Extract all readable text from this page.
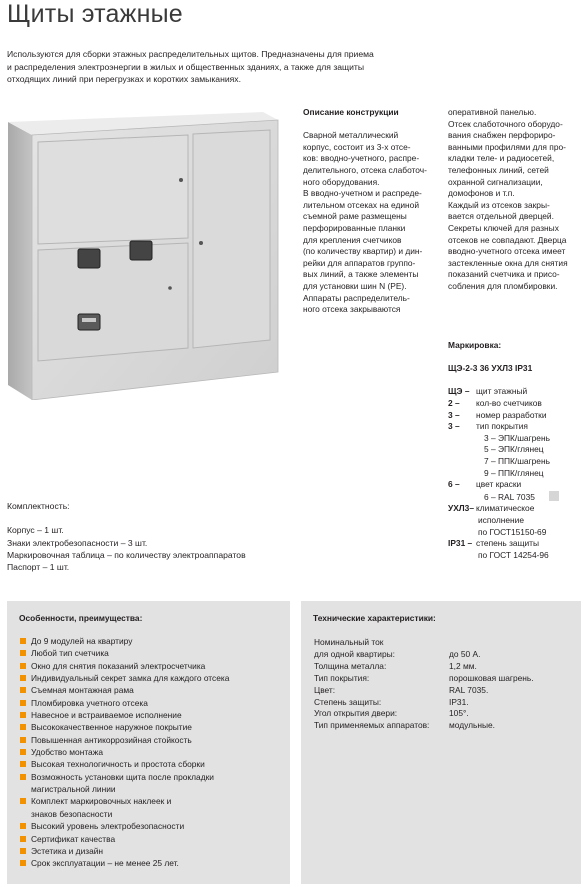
Щиты этажные
Используются для сборки этажных распределительных щитов. Предназначены для приема
и распределения электроэнергии в жилых и общественных зданиях, а также для защиты
отходящих линий при перегрузках и коротких замыканиях.
Описание конструкции
Сварной металлический
корпус, состоит из 3-х отсе-
ков: вводно-учетного, распре-
делительного, отсека слаботоч-
ного оборудования.
В вводно-учетном и распреде-
лительном отсеках на единой
съемной раме размещены
перфорированные планки
для крепления счетчиков
(по количеству квартир) и дин-
рейки для аппаратов группо-
вых линий, а также элементы
для установки шин N (PE).
Аппараты распределитель-
ного отсека закрываются
оперативной панелью.
Отсек слаботочного оборудо-
вания снабжен перфориро-
ванными профилями для про-
кладки теле- и радиосетей,
телефонных линий, сетей
охранной сигнализации,
домофонов и т.п.
Каждый из отсеков закры-
вается отдельной дверцей.
Секреты ключей для разных
отсеков не совпадают. Дверца
вводно-учетного отсека имеет
застекленные окна для снятия
показаний счетчика и присо-
собления для пломбировки.
Маркировка:
ЩЭ-2-3 36 УХЛ3 IP31
ЩЭ – щит этажный
2 –	кол-во счетчиков
3 –	номер разработки
3 –	тип покрытия
3 – ЭПК/шагрень
5 – ЭПК/глянец
7 – ППК/шагрень
9 – ППК/глянец
6 –	цвет краски
6 – RAL 7035
УХЛ3– климатическое
исполнение
по ГОСТ15150-69
IP31 – степень защиты
по ГОСТ 14254-96
Комплектность:
Корпус – 1 шт.
Знаки электробезопасности – 3 шт.
Маркировочная таблица – по количеству электроаппаратов
Паспорт – 1 шт.
Особенности, преимущества:
До 9 модулей на квартиру
Любой тип счетчика
Окно для снятия показаний электросчетчика
Индивидуальный секрет замка для каждого отсека
Съемная монтажная рама
Пломбировка учетного отсека
Навесное и встраиваемое исполнение
Высококачественное наружное покрытие
Повышенная антикоррозийная стойкость
Удобство монтажа
Высокая технологичность и простота сборки
Возможность установки щита после прокладки магистральной линии
Комплект маркировочных наклеек и знаков безопасности
Высокий уровень электробезопасности
Сертификат качества
Эстетика и дизайн
Срок эксплуатации – не менее 25 лет.
Технические характеристики:
Номинальный ток
для одной квартиры:	до 50 А.
Толщина металла:	1,2 мм.
Тип покрытия:	порошковая шагрень.
Цвет:	RAL 7035.
Степень защиты:	IP31.
Угол открытия двери:	105°.
Тип применяемых аппаратов:	модульные.
